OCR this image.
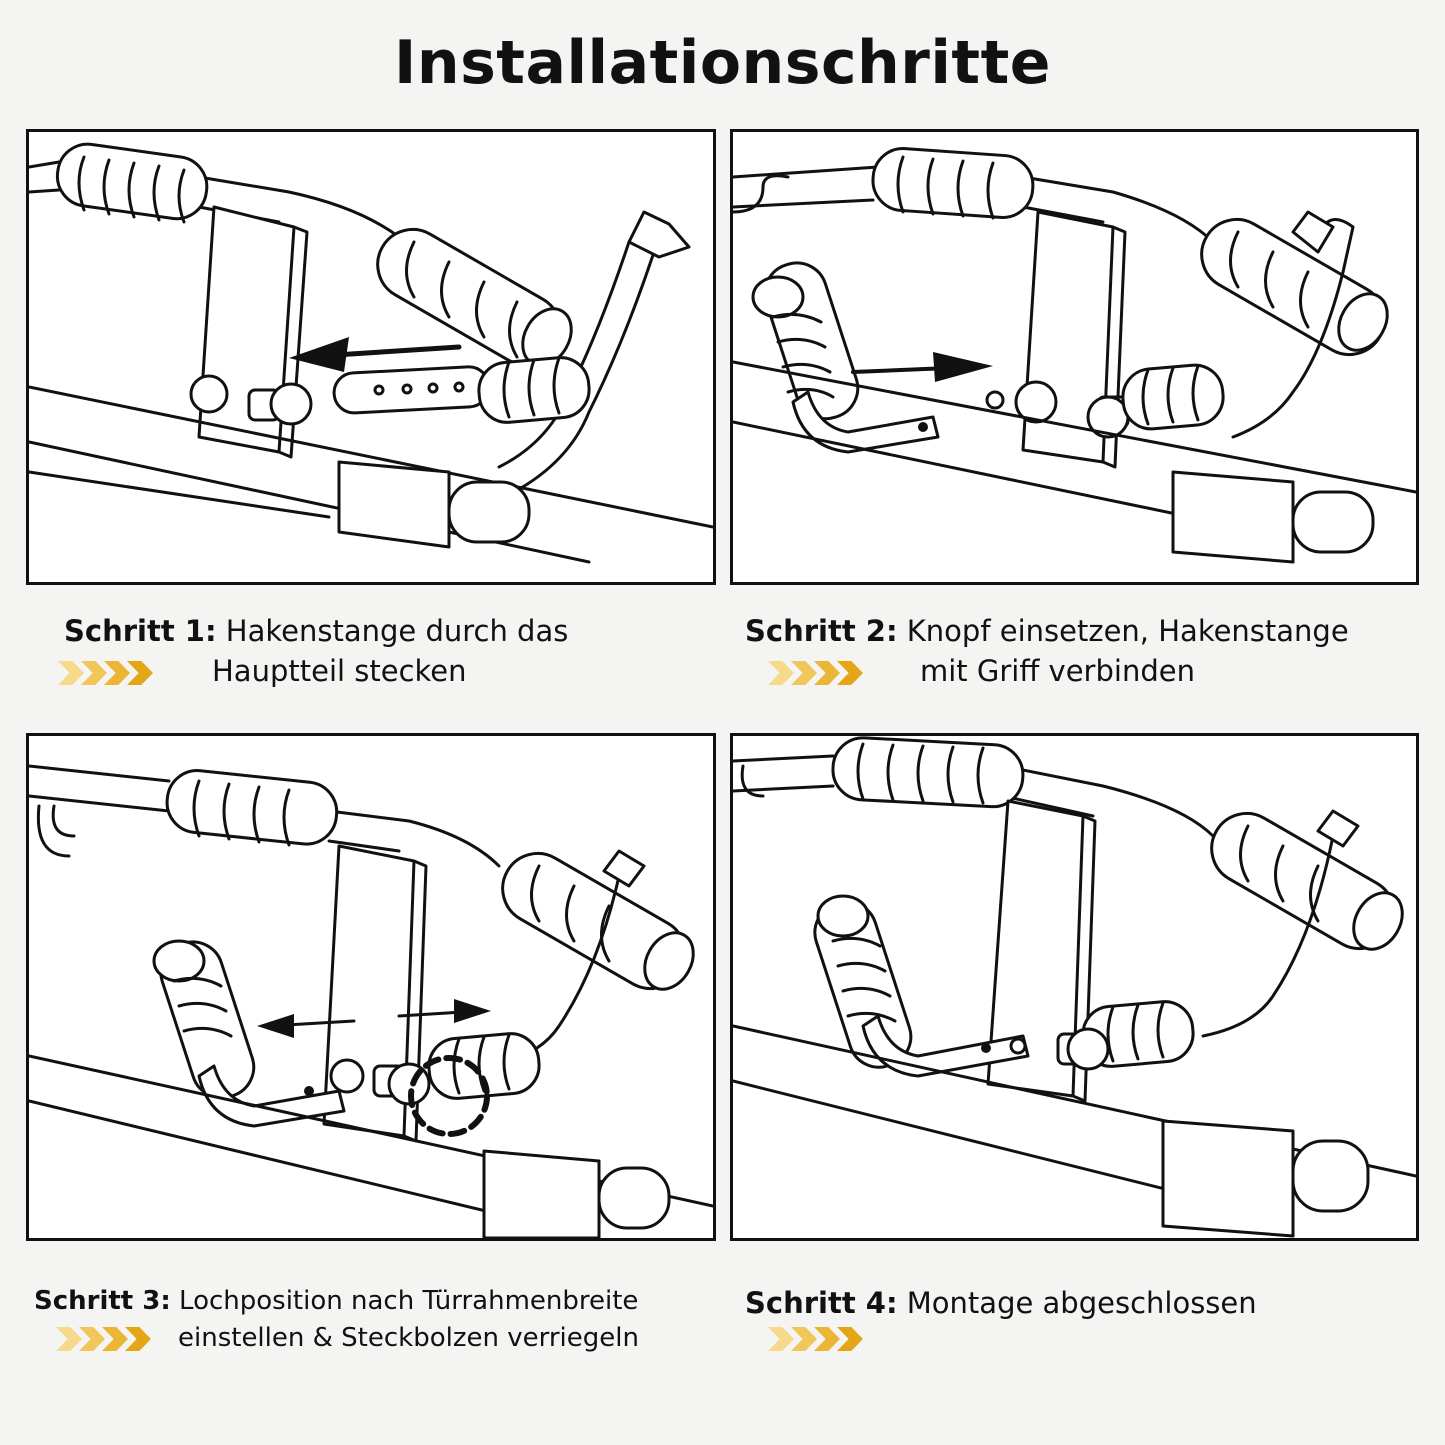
Installationschritte
Schritt 1: Hakenstange durch das
Hauptteil stecken
Schritt 2: Knopf einsetzen, Hakenstange
mit Griff verbinden
Schritt 3: Lochposition nach Türrahmenbreite
einstellen & Steckbolzen verriegeln
Schritt 4: Montage abgeschlossen
